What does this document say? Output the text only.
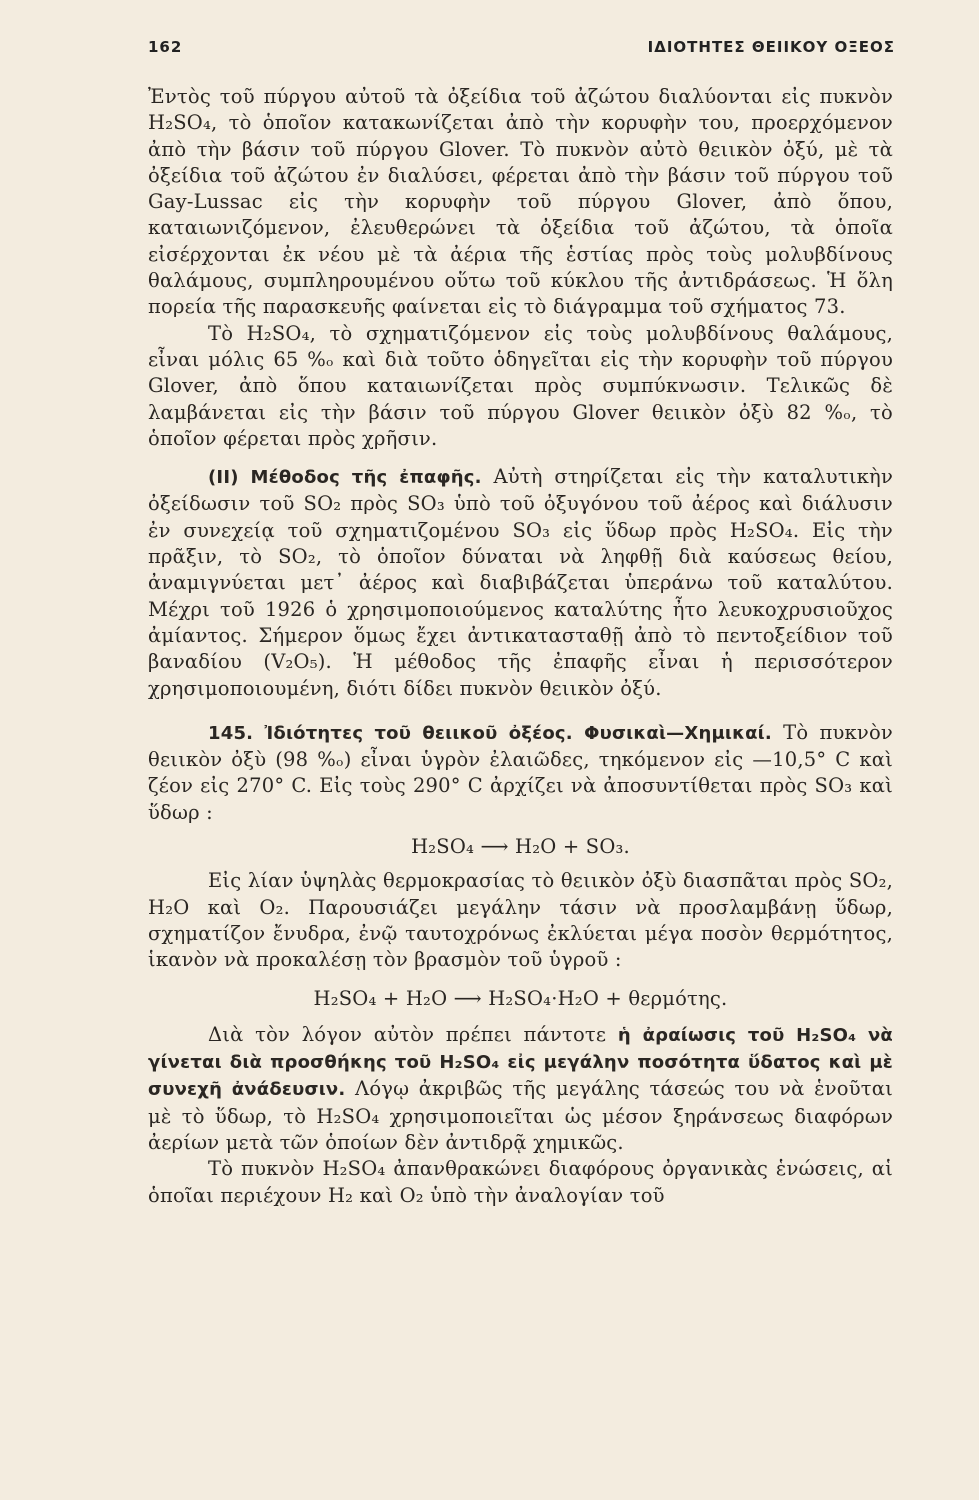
162	ΙΔΙΟΤΗΤΕΣ ΘΕΙΙΚΟΥ ΟΞΕΟΣ

Ἐντὸς τοῦ πύργου αὐτοῦ τὰ ὀξείδια τοῦ ἀζώτου διαλύονται εἰς πυκνὸν H₂SO₄, τὸ ὁποῖον κατακωνίζεται ἀπὸ τὴν κορυφὴν του, προερχόμενον ἀπὸ τὴν βάσιν τοῦ πύργου Glover. Τὸ πυκνὸν αὐτὸ θειικὸν ὀξύ, μὲ τὰ ὀξείδια τοῦ ἀζώτου ἐν διαλύσει, φέρεται ἀπὸ τὴν βάσιν τοῦ πύργου τοῦ Gay-Lussac εἰς τὴν κορυφὴν τοῦ πύργου Glover, ἀπὸ ὅπου, καταιωνιζόμενον, ἐλευθερώνει τὰ ὀξείδια τοῦ ἀζώτου, τὰ ὁποῖα εἰσέρχονται ἐκ νέου μὲ τὰ ἀέρια τῆς ἑστίας πρὸς τοὺς μολυβδίνους θαλάμους, συμπληρουμένου οὕτω τοῦ κύκλου τῆς ἀντιδράσεως. Ἡ ὅλη πορεία τῆς παρασκευῆς φαίνεται εἰς τὸ διάγραμμα τοῦ σχήματος 73.

Τὸ H₂SO₄, τὸ σχηματιζόμενον εἰς τοὺς μολυβδίνους θαλάμους, εἶναι μόλις 65 %ₒ καὶ διὰ τοῦτο ὁδηγεῖται εἰς τὴν κορυφὴν τοῦ πύργου Glover, ἀπὸ ὅπου καταιωνίζεται πρὸς συμπύκνωσιν. Τελικῶς δὲ λαμβάνεται εἰς τὴν βάσιν τοῦ πύργου Glover θειικὸν ὀξὺ 82 %ₒ, τὸ ὁποῖον φέρεται πρὸς χρῆσιν.

(ΙΙ) Μέθοδος τῆς ἐπαφῆς. Αὐτὴ στηρίζεται εἰς τὴν καταλυτικὴν ὀξείδωσιν τοῦ SO₂ πρὸς SO₃ ὑπὸ τοῦ ὀξυγόνου τοῦ ἀέρος καὶ διάλυσιν ἐν συνεχείᾳ τοῦ σχηματιζομένου SO₃ εἰς ὕδωρ πρὸς H₂SO₄. Εἰς τὴν πρᾶξιν, τὸ SO₂, τὸ ὁποῖον δύναται νὰ ληφθῇ διὰ καύσεως θείου, ἀναμιγνύεται μετ᾽ ἀέρος καὶ διαβιβάζεται ὑπεράνω τοῦ καταλύτου. Μέχρι τοῦ 1926 ὁ χρησιμοποιούμενος καταλύτης ἦτο λευκοχρυσιοῦχος ἀμίαντος. Σήμερον ὅμως ἔχει ἀντικατασταθῇ ἀπὸ τὸ πεντοξείδιον τοῦ βαναδίου (V₂O₅). Ἡ μέθοδος τῆς ἐπαφῆς εἶναι ἡ περισσότερον χρησιμοποιουμένη, διότι δίδει πυκνὸν θειικὸν ὀξύ.

145. Ἰδιότητες τοῦ θειικοῦ ὀξέος. Φυσικαὶ—Χημικαί. Τὸ πυκνὸν θειικὸν ὀξὺ (98 %ₒ) εἶναι ὑγρὸν ἐλαιῶδες, τηκόμενον εἰς —10,5° C καὶ ζέον εἰς 270° C. Εἰς τοὺς 290° C ἀρχίζει νὰ ἀποσυντίθεται πρὸς SO₃ καὶ ὕδωρ :

H₂SO₄ ⟶ H₂O + SO₃.

Εἰς λίαν ὑψηλὰς θερμοκρασίας τὸ θειικὸν ὀξὺ διασπᾶται πρὸς SO₂, H₂O καὶ O₂. Παρουσιάζει μεγάλην τάσιν νὰ προσλαμβάνῃ ὕδωρ, σχηματίζον ἔνυδρα, ἐνῷ ταυτοχρόνως ἐκλύεται μέγα ποσὸν θερμότητος, ἱκανὸν νὰ προκαλέσῃ τὸν βρασμὸν τοῦ ὑγροῦ :

H₂SO₄ + H₂O ⟶ H₂SO₄·H₂O + θερμότης.

Διὰ τὸν λόγον αὐτὸν πρέπει πάντοτε ἡ ἀραίωσις τοῦ H₂SO₄ νὰ γίνεται διὰ προσθήκης τοῦ H₂SO₄ εἰς μεγάλην ποσότητα ὕδατος καὶ μὲ συνεχῆ ἀνάδευσιν. Λόγῳ ἀκριβῶς τῆς μεγάλης τάσεώς του νὰ ἑνοῦται μὲ τὸ ὕδωρ, τὸ H₂SO₄ χρησιμοποιεῖται ὡς μέσον ξηράνσεως διαφόρων ἀερίων μετὰ τῶν ὁποίων δὲν ἀντιδρᾷ χημικῶς.

Τὸ πυκνὸν H₂SO₄ ἀπανθρακώνει διαφόρους ὀργανικὰς ἑνώσεις, αἱ ὁποῖαι περιέχουν H₂ καὶ O₂ ὑπὸ τὴν ἀναλογίαν τοῦ
